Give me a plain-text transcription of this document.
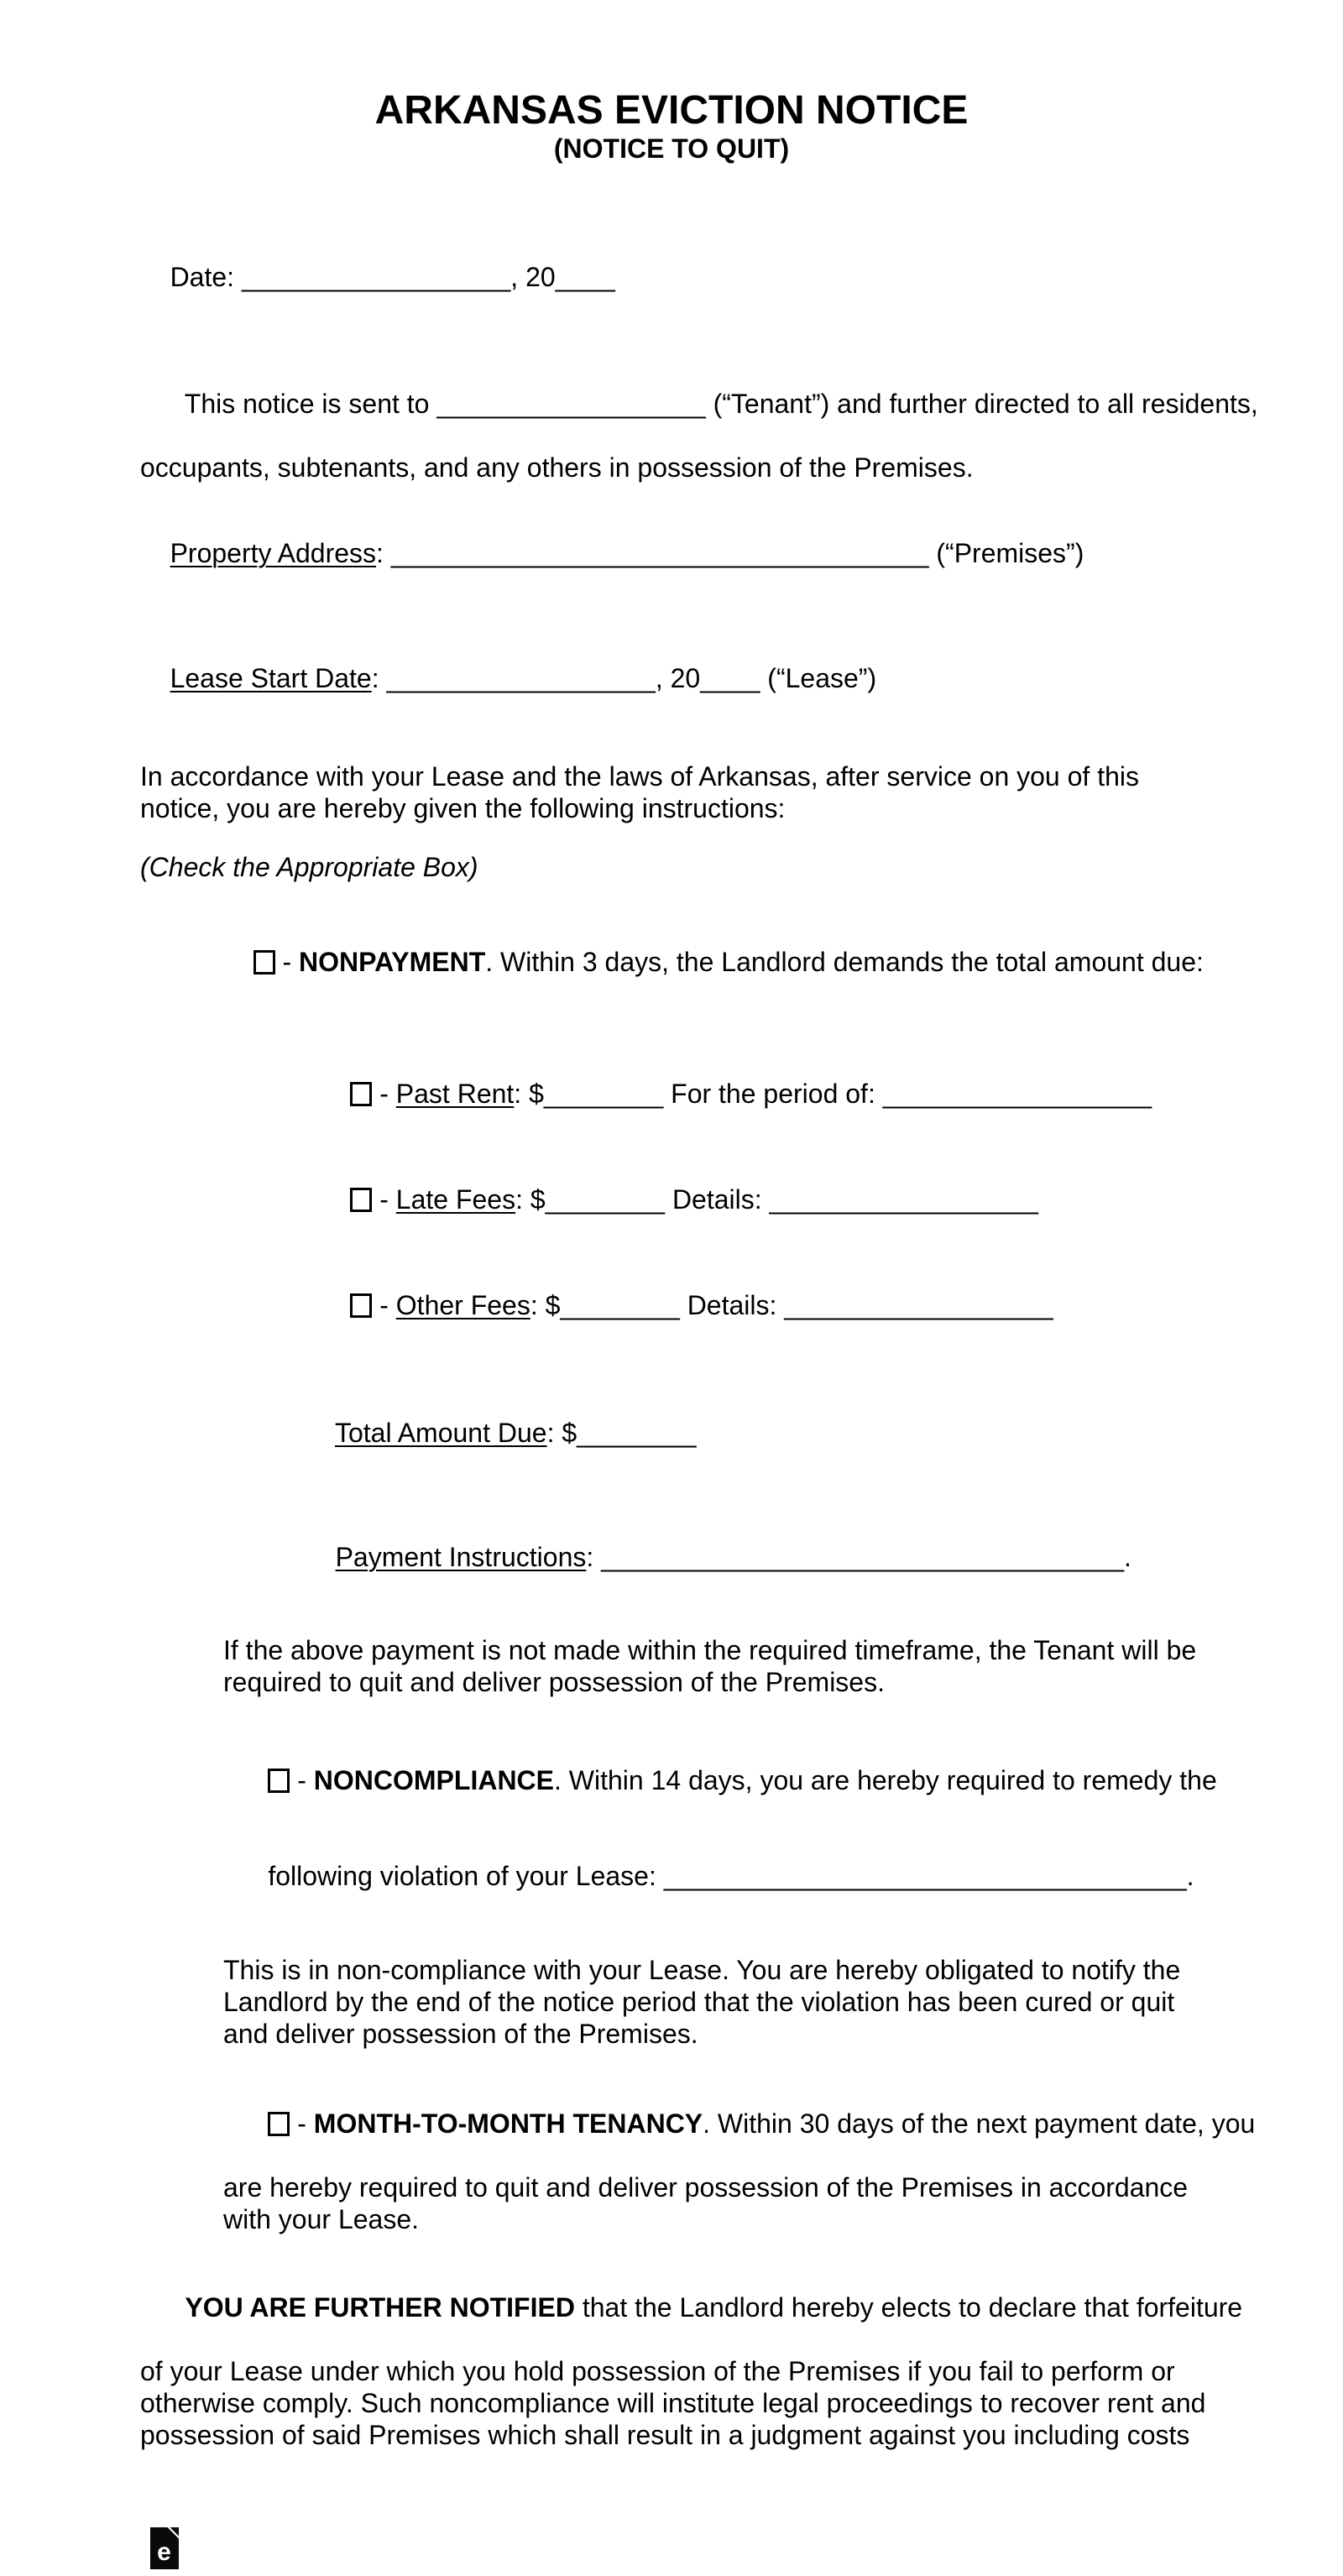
ARKANSAS EVICTION NOTICE
(NOTICE TO QUIT)

Date: __________________, 20____

This notice is sent to __________________ (“Tenant”) and further directed to all residents,

occupants, subtenants, and any others in possession of the Premises.

Property Address: ____________________________________ (“Premises”)

Lease Start Date: __________________, 20____ (“Lease”)

In accordance with your Lease and the laws of Arkansas, after service on you of this
notice, you are hereby given the following instructions:
(Check the Appropriate Box)

- NONPAYMENT. Within 3 days, the Landlord demands the total amount due:

- Past Rent: $________ For the period of: __________________

- Late Fees: $________ Details: __________________

- Other Fees: $________ Details: __________________

Total Amount Due: $________

Payment Instructions: ___________________________________.

If the above payment is not made within the required timeframe, the Tenant will be
required to quit and deliver possession of the Premises.

- NONCOMPLIANCE. Within 14 days, you are hereby required to remedy the

following violation of your Lease: ___________________________________.

This is in non-compliance with your Lease. You are hereby obligated to notify the
Landlord by the end of the notice period that the violation has been cured or quit
and deliver possession of the Premises.

- MONTH-TO-MONTH TENANCY. Within 30 days of the next payment date, you

are hereby required to quit and deliver possession of the Premises in accordance
with your Lease.

YOU ARE FURTHER NOTIFIED that the Landlord hereby elects to declare that forfeiture

of your Lease under which you hold possession of the Premises if you fail to perform or
otherwise comply. Such noncompliance will institute legal proceedings to recover rent and
possession of said Premises which shall result in a judgment against you including costs
e
